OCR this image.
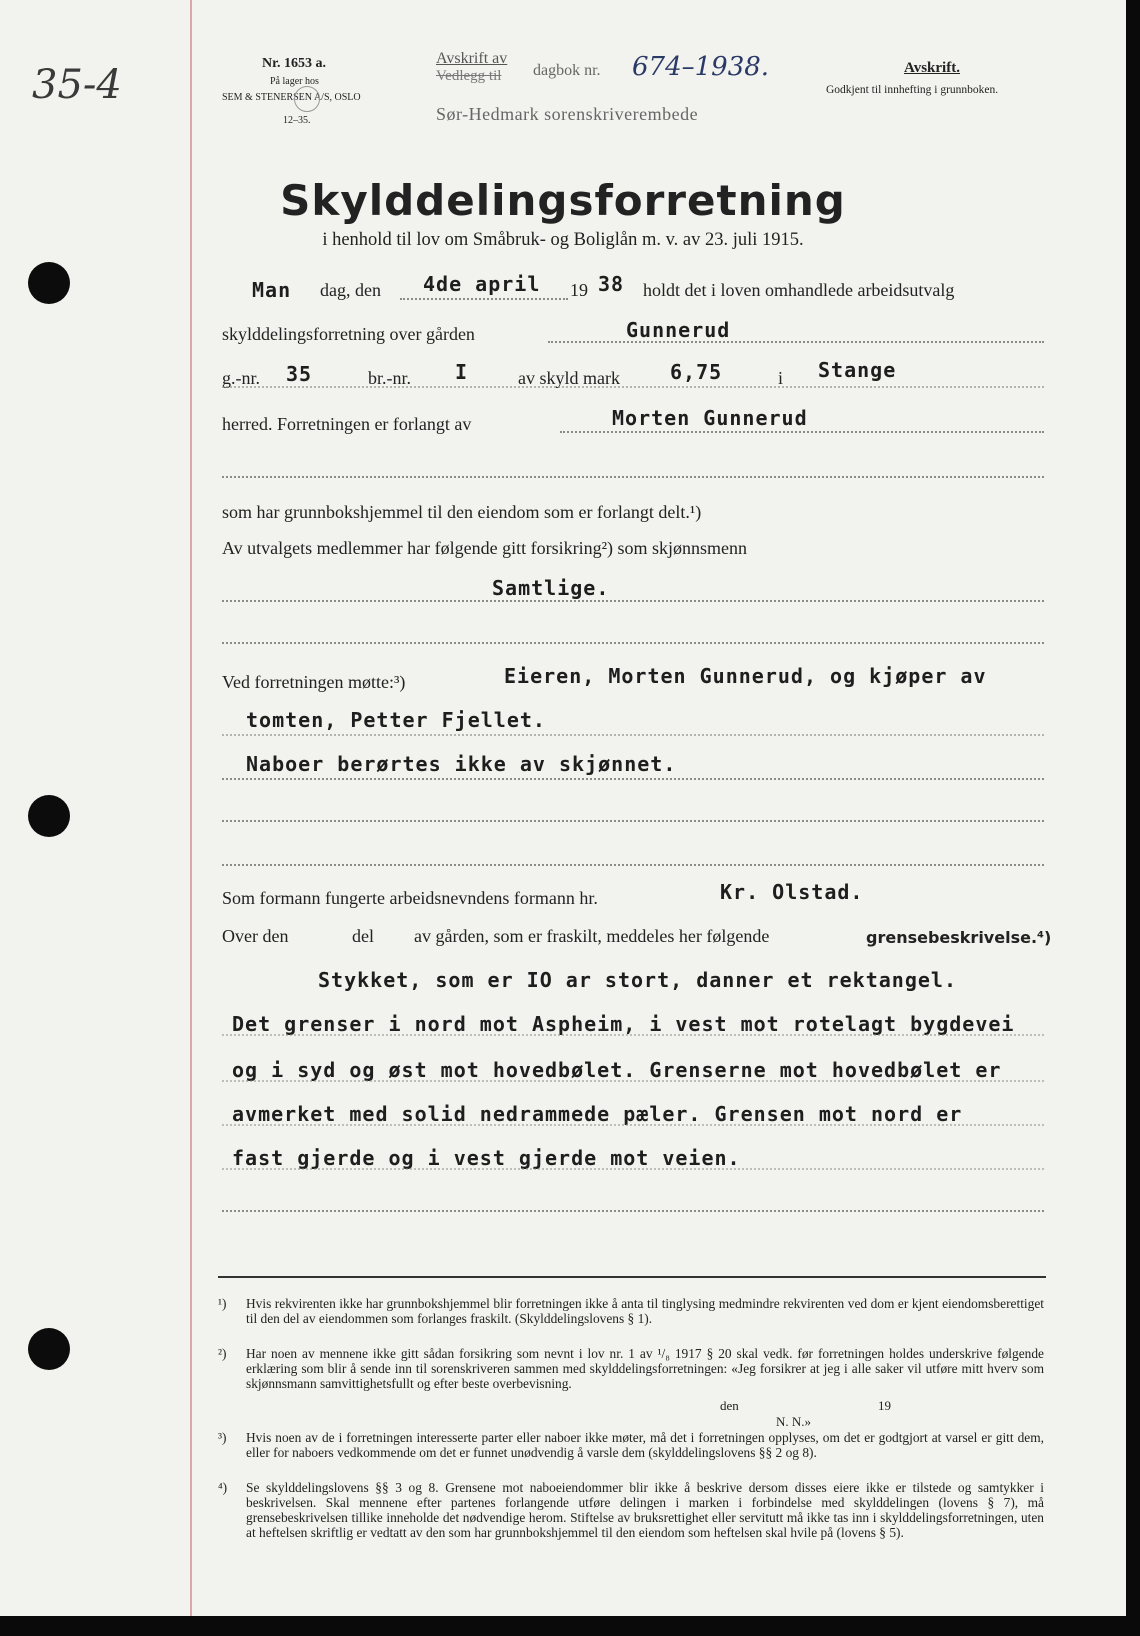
35-4	Nr. 1653 a.
På lager hos
SEM & STENERSEN A/S, OSLO
12–35.
Avskrift av
Vedlegg til dagbok nr. 674–1938.
Sør-Hedmark sorenskriverembede
Avskrift.
Godkjent til innhefting i grunnboken.
Skylddelingsforretning
i henhold til lov om Småbruk- og Boliglån m. v. av 23. juli 1915.
Man dag, den 4de april 19 38 holdt det i loven omhandlede arbeidsutvalg
skylddelingsforretning over gården	Gunnerud
g.-nr. 35	br.-nr. I	av skyld mark	6,75	i Stange
herred. Forretningen er forlangt av	Morten Gunnerud
som har grunnbokshjemmel til den eiendom som er forlangt delt.¹)
Av utvalgets medlemmer har følgende gitt forsikring²) som skjønnsmenn
Samtlige.
Ved forretningen møtte:³)	Eieren, Morten Gunnerud, og kjøper av
tomten, Petter Fjellet.
Naboer berørtes ikke av skjønnet.
Som formann fungerte arbeidsnevndens formann hr.	Kr. Olstad.
Over den	del av gården, som er fraskilt, meddeles her følgende	grensebeskrivelse.⁴)
Stykket, som er IO ar stort, danner et rektangel.
Det grenser i nord mot Aspheim, i vest mot rotelagt bygdevei
og i syd og øst mot hovedbølet. Grenserne mot hovedbølet er
avmerket med solid nedrammede pæler. Grensen mot nord er
fast gjerde og i vest gjerde mot veien.
¹) Hvis rekvirenten ikke har grunnbokshjemmel blir forretningen ikke å anta til tinglysing medmindre rekvirenten ved dom er kjent eiendomsberettiget til den del av eiendommen som forlanges fraskilt. (Skylddelingslovens § 1).
²) Har noen av mennene ikke gitt sådan forsikring som nevnt i lov nr. 1 av ¹/₈ 1917 § 20 skal vedk. før forretningen holdes underskrive følgende erklæring som blir å sende inn til sorenskriveren sammen med skylddelingsforretningen: «Jeg forsikrer at jeg i alle saker vil utføre mitt hverv som skjønnsmann samvittighetsfullt og efter beste overbevisning.
den	19
N. N.»
³) Hvis noen av de i forretningen interesserte parter eller naboer ikke møter, må det i forretningen opplyses, om det er godtgjort at varsel er gitt dem, eller for naboers vedkommende om det er funnet unødvendig å varsle dem (skylddelingslovens §§ 2 og 8).
⁴) Se skylddelingslovens §§ 3 og 8. Grensene mot naboeiendommer blir ikke å beskrive dersom disses eiere ikke er tilstede og samtykker i beskrivelsen. Skal mennene efter partenes forlangende utføre delingen i marken i forbindelse med skylddelingen (lovens § 7), må grensebeskrivelsen tillike inneholde det nødvendige herom. Stiftelse av bruksrettighet eller servitutt må ikke tas inn i skylddelingsforretningen, uten at heftelsen skriftlig er vedtatt av den som har grunnbokshjemmel til den eiendom som heftelsen skal hvile på (lovens § 5).
